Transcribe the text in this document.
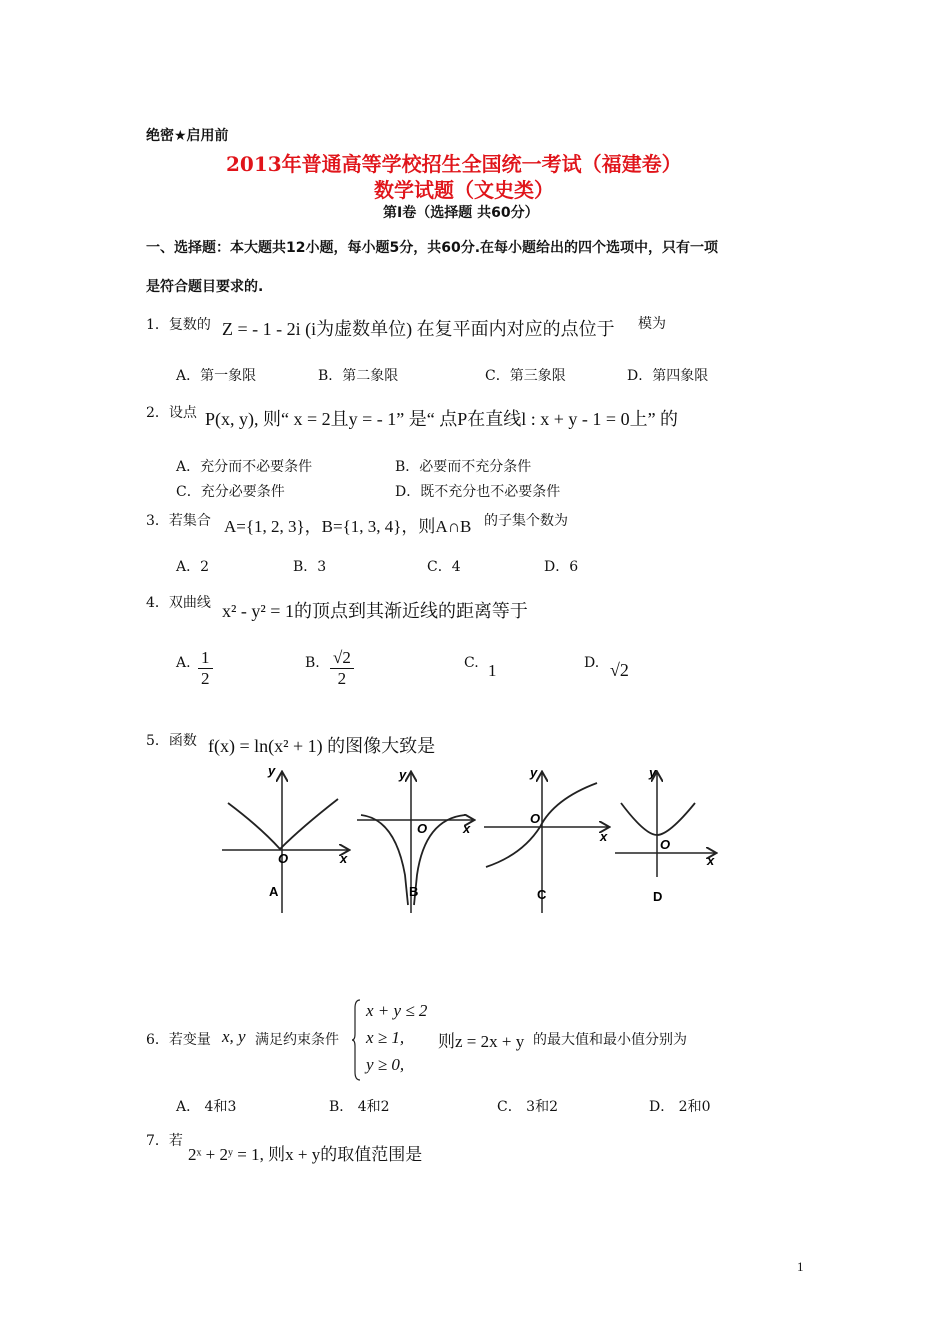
绝密★启用前
2013年普通高等学校招生全国统一考试（福建卷）
数学试题（文史类）
第Ⅰ卷（选择题 共60分）
一、选择题：本大题共12小题，每小题5分，共60分.在每小题给出的四个选项中，只有一项
是符合题目要求的.
1．复数的 Z = - 1 - 2i (i为虚数单位) 在复平面内对应的点位于 模为
A．第一象限	B．第二象限	C．第三象限	D．第四象限
2．设点 P(x, y), 则“ x = 2且y = - 1” 是“ 点P在直线l : x + y - 1 = 0上” 的
A．充分而不必要条件	B．必要而不充分条件
C．充分必要条件	D．既不充分也不必要条件
3．若集合 A={1, 2, 3}，B={1, 3, 4}，则A∩B 的子集个数为
A．2	B．3	C．4	D．6
4．双曲线 x² - y² = 1的顶点到其渐近线的距离等于
A. $\frac{1}{2}$	B. $\frac{√2}{2}$	C. 1	D. √2
5．函数 f(x) = ln(x² + 1) 的图像大致是
y
x
O
A
y
x
O
B
y
x
O
C
y
x
O
D
6．若变量 x, y 满足约束条件
x + y ≤ 2
x ≥ 1,
y ≥ 0,
则z = 2x + y 的最大值和最小值分别为
A． 4和3	B． 4和2	C． 3和2	D． 2和0
7．若
2ˣ + 2ʸ = 1, 则x + y的取值范围是
1
